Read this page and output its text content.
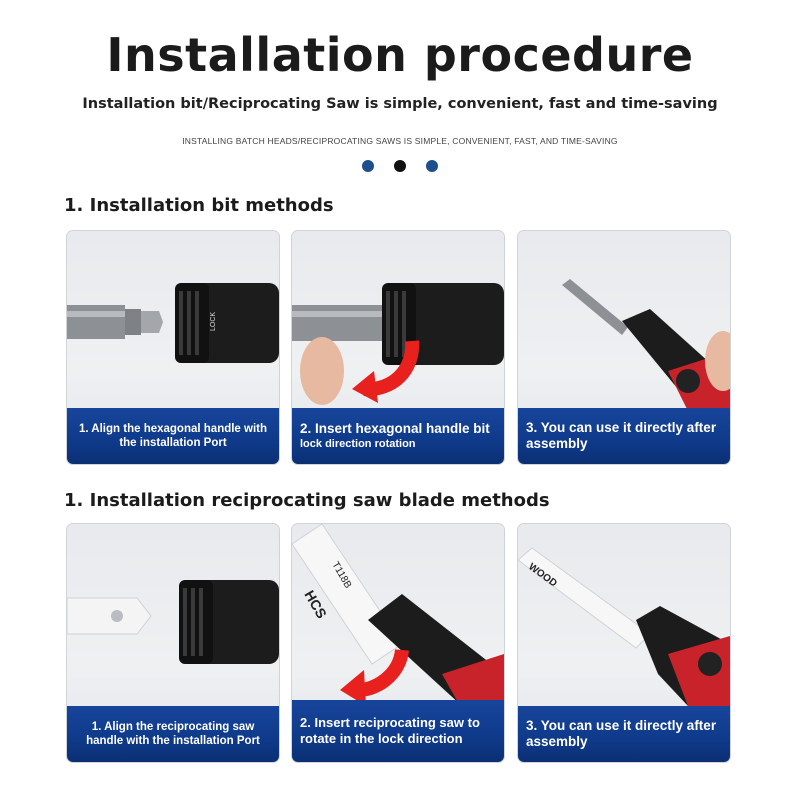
Installation procedure
Installation bit/Reciprocating Saw is simple, convenient, fast and time-saving
INSTALLING BATCH HEADS/RECIPROCATING SAWS IS SIMPLE, CONVENIENT, FAST, AND TIME-SAVING

1. Installation bit methods
LOCK
1. Align the hexagonal handle with the installation Port
2. Insert hexagonal handle bit
lock direction rotation
3. You can use it directly after assembly
1. Installation reciprocating saw blade methods
1. Align the reciprocating saw handle with the installation Port
HCS
T118B
2. Insert reciprocating saw to rotate in the lock direction
WOOD
3. You can use it directly after assembly
